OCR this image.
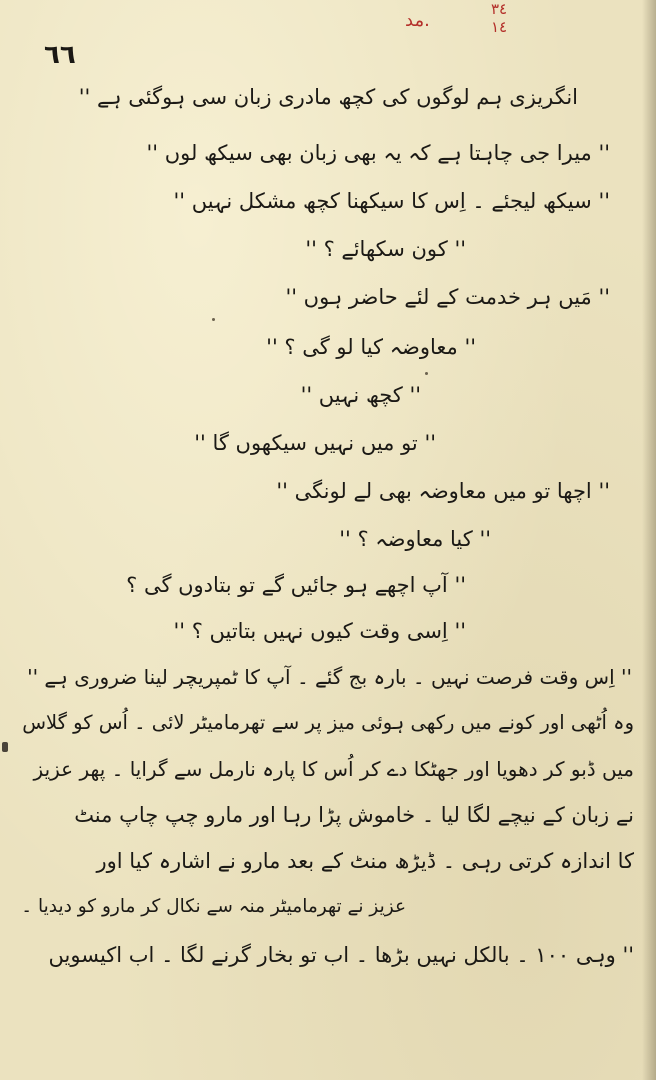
مد.
٣٤
١٤
٦٦
انگریزی ہم لوگوں کی کچھ مادری زبان سی ہوگئی ہے ''
'' میرا جی چاہتا ہے کہ یہ بھی زبان بھی سیکھ لوں ''
'' سیکھ لیجئے ۔ اِس کا سیکھنا کچھ مشکل نہیں ''
'' کون سکھائے ؟ ''
'' مَیں ہر خدمت کے لئے حاضر ہوں ''
'' معاوضہ کیا لو گی ؟ ''
'' کچھ نہیں ''
'' تو میں نہیں سیکھوں گا ''
'' اچھا تو میں معاوضہ بھی لے لونگی ''
'' کیا معاوضہ ؟ ''
'' آپ اچھے ہو جائیں گے تو بتادوں گی ؟
'' اِسی وقت کیوں نہیں بتاتیں ؟ ''
'' اِس وقت فرصت نہیں ۔ بارہ بج گئے ۔ آپ کا ٹمپریچر لینا ضروری ہے ''
وہ اُٹھی اور کونے میں رکھی ہوئی میز پر سے تھرمامیٹر لائی ۔ اُس کو گلاس
میں ڈبو کر دھویا اور جھٹکا دے کر اُس کا پارہ نارمل سے گرایا ۔ پھر عزیز
نے زبان کے نیچے لگا لیا ۔ خاموش پڑا رہا اور مارو چپ چاپ منٹ
کا اندازہ کرتی رہی ۔ ڈیڑھ منٹ کے بعد مارو نے اشارہ کیا اور
عزیز نے تھرمامیٹر منہ سے نکال کر مارو کو دیدیا ۔
'' وہی ۱۰۰ ۔ بالکل نہیں بڑھا ۔ اب تو بخار گرنے لگا ۔ اب اکیسویں
